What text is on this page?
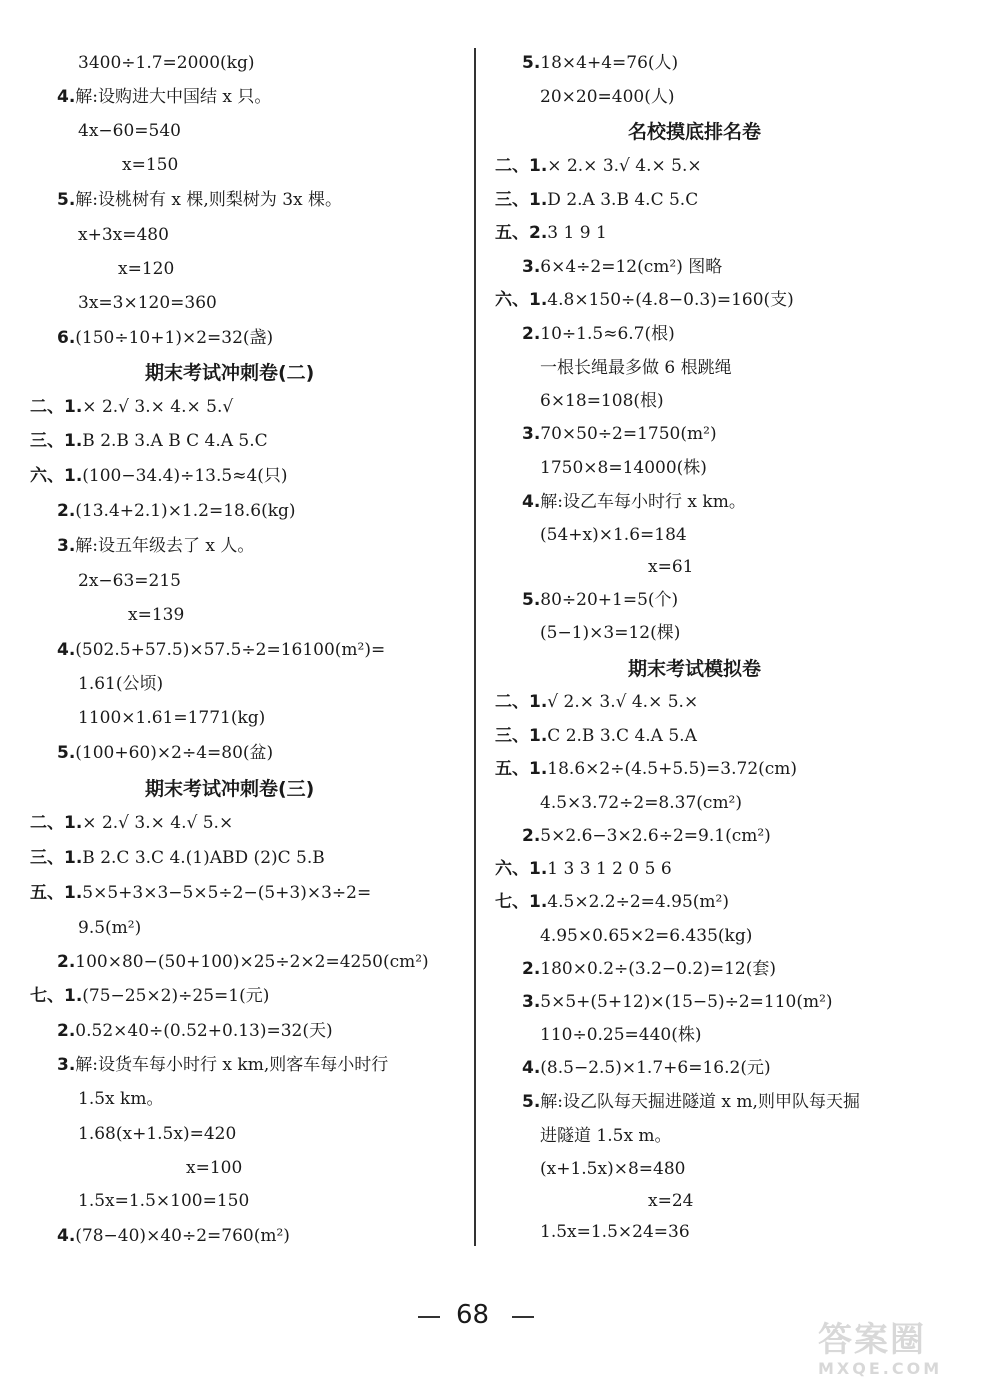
3400÷1.7=2000(kg)
4.解:设购进大中国结 x 只。
4x−60=540
x=150
5.解:设桃树有 x 棵,则梨树为 3x 棵。
x+3x=480
x=120
3x=3×120=360
6.(150÷10+1)×2=32(盏)
期末考试冲刺卷(二)
二、1.× 2.√ 3.× 4.× 5.√
三、1.B 2.B 3.A B C 4.A 5.C
六、1.(100−34.4)÷13.5≈4(只)
2.(13.4+2.1)×1.2=18.6(kg)
3.解:设五年级去了 x 人。
2x−63=215
x=139
4.(502.5+57.5)×57.5÷2=16100(m²)=
1.61(公顷)
1100×1.61=1771(kg)
5.(100+60)×2÷4=80(盆)
期末考试冲刺卷(三)
二、1.× 2.√ 3.× 4.√ 5.×
三、1.B 2.C 3.C 4.(1)ABD (2)C 5.B
五、1.5×5+3×3−5×5÷2−(5+3)×3÷2=
9.5(m²)
2.100×80−(50+100)×25÷2×2=4250(cm²)
七、1.(75−25×2)÷25=1(元)
2.0.52×40÷(0.52+0.13)=32(天)
3.解:设货车每小时行 x km,则客车每小时行
1.5x km。
1.68(x+1.5x)=420
x=100
1.5x=1.5×100=150
4.(78−40)×40÷2=760(m²)
5.18×4+4=76(人)
20×20=400(人)
名校摸底排名卷
二、1.× 2.× 3.√ 4.× 5.×
三、1.D 2.A 3.B 4.C 5.C
五、2.3 1 9 1
3.6×4÷2=12(cm²) 图略
六、1.4.8×150÷(4.8−0.3)=160(支)
2.10÷1.5≈6.7(根)
一根长绳最多做 6 根跳绳
6×18=108(根)
3.70×50÷2=1750(m²)
1750×8=14000(株)
4.解:设乙车每小时行 x km。
(54+x)×1.6=184
x=61
5.80÷20+1=5(个)
(5−1)×3=12(棵)
期末考试模拟卷
二、1.√ 2.× 3.√ 4.× 5.×
三、1.C 2.B 3.C 4.A 5.A
五、1.18.6×2÷(4.5+5.5)=3.72(cm)
4.5×3.72÷2=8.37(cm²)
2.5×2.6−3×2.6÷2=9.1(cm²)
六、1.1 3 3 1 2 0 5 6
七、1.4.5×2.2÷2=4.95(m²)
4.95×0.65×2=6.435(kg)
2.180×0.2÷(3.2−0.2)=12(套)
3.5×5+(5+12)×(15−5)÷2=110(m²)
110÷0.25=440(株)
4.(8.5−2.5)×1.7+6=16.2(元)
5.解:设乙队每天掘进隧道 x m,则甲队每天掘
进隧道 1.5x m。
(x+1.5x)×8=480
x=24
1.5x=1.5×24=36
68
答案圈
MXQE.COM
